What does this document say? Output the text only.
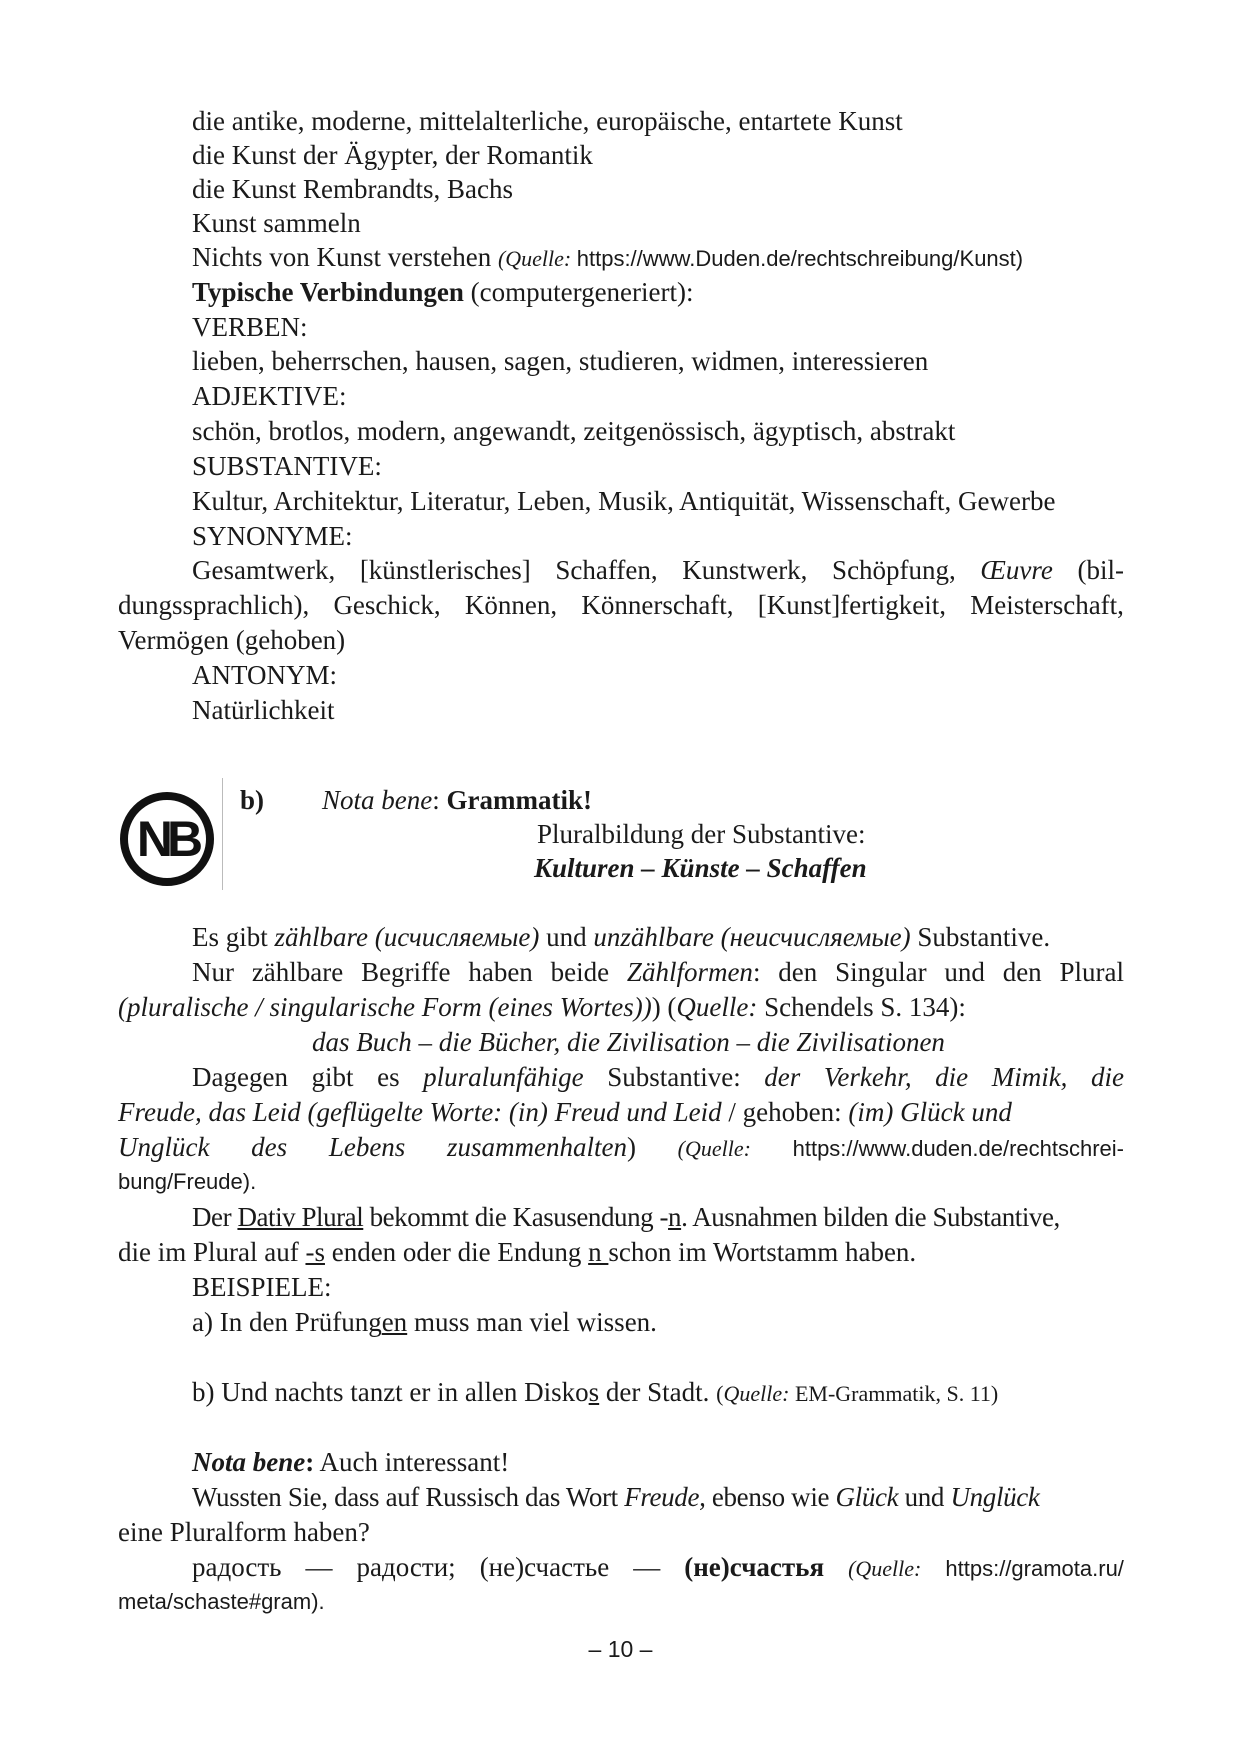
die antike, moderne, mittelalterliche, europäische, entartete Kunst
die Kunst der Ägypter, der Romantik
die Kunst Rembrandts, Bachs
Kunst sammeln
Nichts von Kunst verstehen (Quelle: https://www.Duden.de/rechtschreibung/Kunst)
Typische Verbindungen (computergeneriert):
VERBEN:
lieben, beherrschen, hausen, sagen, studieren, widmen, interessieren
ADJEKTIVE:
schön, brotlos, modern, angewandt, zeitgenössisch, ägyptisch, abstrakt
SUBSTANTIVE:
Kultur, Architektur, Literatur, Leben, Musik, Antiquität, Wissenschaft, Gewerbe
SYNONYME:
Gesamtwerk, [künstlerisches] Schaffen, Kunstwerk, Schöpfung, Œuvre (bil-
dungssprachlich), Geschick, Können, Könnerschaft, [Kunst]fertigkeit, Meisterschaft,
Vermögen (gehoben)
ANTONYM:
Natürlichkeit
NB
b) Nota bene: Grammatik!
Pluralbildung der Substantive:
Kulturen – Künste – Schaffen
Es gibt zählbare (исчисляемые) und unzählbare (неисчисляемые) Substantive.
Nur zählbare Begriffe haben beide Zählformen: den Singular und den Plural
(pluralische / singularische Form (eines Wortes))) (Quelle: Schendels S. 134):
das Buch – die Bücher, die Zivilisation – die Zivilisationen
Dagegen gibt es pluralunfähige Substantive: der Verkehr, die Mimik, die
Freude, das Leid (geflügelte Worte: (in) Freud und Leid / gehoben: (im) Glück und
Unglück des Lebens zusammenhalten) (Quelle: https://www.duden.de/rechtschrei-
bung/Freude).
Der Dativ Plural bekommt die Kasusendung -n. Ausnahmen bilden die Substantive,
die im Plural auf -s enden oder die Endung n schon im Wortstamm haben.
BEISPIELE:
a) In den Prüfungen muss man viel wissen.
b) Und nachts tanzt er in allen Diskos der Stadt. (Quelle: EM-Grammatik, S. 11)
Nota bene: Auch interessant!
Wussten Sie, dass auf Russisch das Wort Freude, ebenso wie Glück und Unglück
eine Pluralform haben?
радость — радости; (не)счастье — (не)счастья (Quelle: https://gramota.ru/
meta/schaste#gram).
– 10 –
